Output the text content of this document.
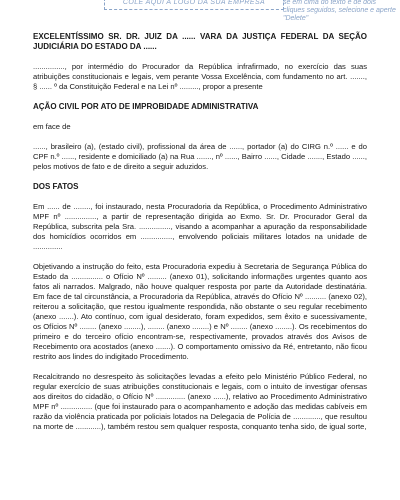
COLE AQUI A LOGO DA SUA EMPRESA	se em cima do texto e dê dois cliques seguidos, selecione e aperte "Delete"

EXCELENTÍSSIMO SR. DR. JUIZ DA ...... VARA DA JUSTIÇA FEDERAL DA SEÇÃO JUDICIÁRIA DO ESTADO DA ......

..............., por intermédio do Procurador da República infrafirmado, no exercício das suas atribuições constitucionais e legais, vem perante Vossa Excelência, com fundamento no art. ......., § ...... º da Constituição Federal e na Lei nº ........., propor a presente

AÇÃO CIVIL POR ATO DE IMPROBIDADE ADMINISTRATIVA

em face de

......, brasileiro (a), (estado civil), profissional da área de ......, portador (a) do CIRG n.º ...... e do CPF n.º ......, residente e domiciliado (a) na Rua ......., nº ......, Bairro ......, Cidade ......., Estado ......, pelos motivos de fato e de direito a seguir aduzidos.

DOS FATOS

Em ...... de ........, foi instaurado, nesta Procuradoria da República, o Procedimento Administrativo MPF nº ..............., a partir de representação dirigida ao Exmo. Sr. Dr. Procurador Geral da República, subscrita pela Sra. ..............., visando a acompanhar a apuração da responsabilidade dos homicídios ocorridos em ..............., envolvendo policiais militares lotados na unidade de ..............

Objetivando a instrução do feito, esta Procuradoria expediu à Secretaria de Segurança Pública do Estado da ............... o Ofício Nº ......... (anexo 01), solicitando informações urgentes quanto aos fatos ali narrados. Malgrado, não houve qualquer resposta por parte da Autoridade destinatária. Em face de tal circunstância, a Procuradoria da República, através do Ofício Nº .......... (anexo 02), reiterou a solicitação, que restou igualmente respondida, não obstante o seu regular recebimento (anexo .......). Ato contínuo, com igual desiderato, foram expedidos, sem êxito e sucessivamente, os Ofícios Nº ........ (anexo ........), ........ (anexo ........) e Nº ........ (anexo ........). Os recebimentos do primeiro e do terceiro ofício encontram-se, respectivamente, provados através dos Avisos de Recebimento ora acostados (anexo .......). O comportamento omissivo da Ré, entretanto, não ficou restrito aos lindes do indigitado Procedimento.

Recalcitrando no desrespeito às solicitações levadas a efeito pelo Ministério Público Federal, no regular exercício de suas atribuições constitucionais e legais, com o intuito de investigar ofensas aos direitos do cidadão, o Ofício Nº .............. (anexo ......), relativo ao Procedimento Administrativo MPF nº ............... (que foi instaurado para o acompanhamento e adoção das medidas cabíveis em razão da violência praticada por policiais lotados na Delegacia de Polícia de ............., que resultou na morte de ............), também restou sem qualquer resposta, conquanto tenha sido, de igual sorte,
